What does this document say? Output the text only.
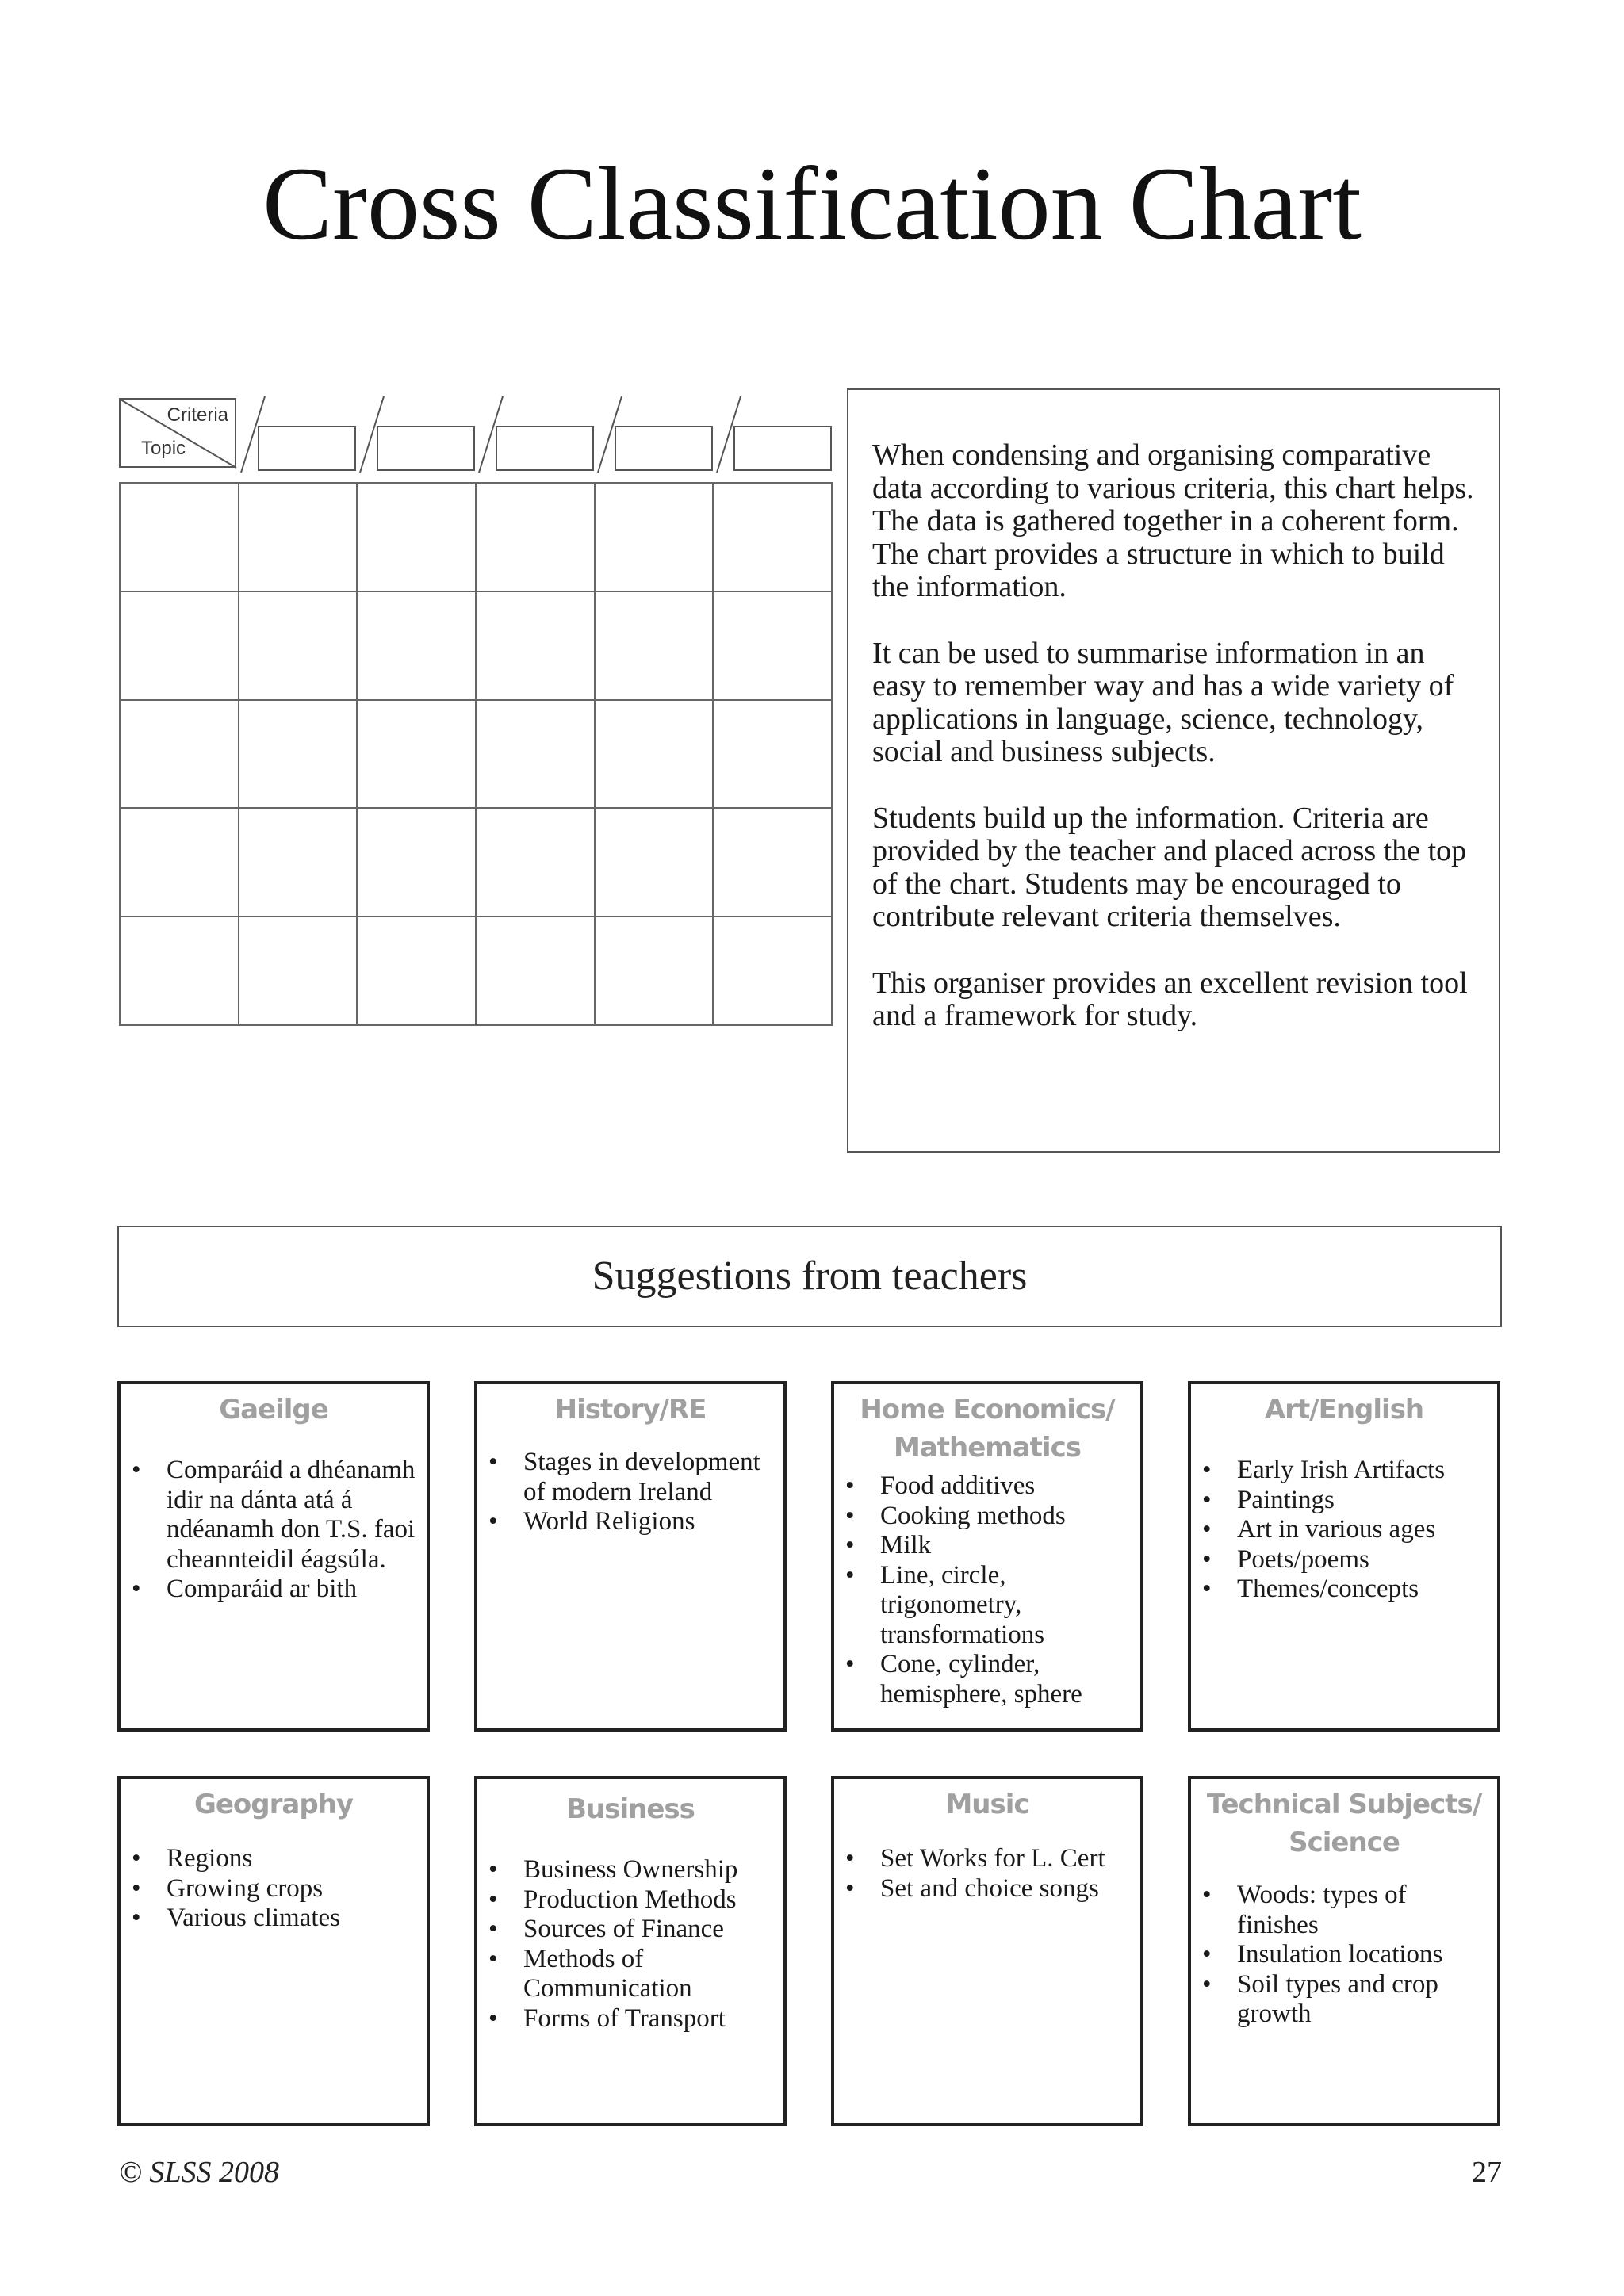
Cross Classification Chart
Criteria
Topic

						When condensing and organising comparative data according to various criteria, this chart helps. The data is gathered together in a coherent form. The chart provides a structure in which to build the information.

It can be used to summarise information in an easy to remember way and has a wide variety of applications in language, science, technology, social and business subjects.

Students build up the information. Criteria are provided by the teacher and placed across the top of the chart. Students may be encouraged to contribute relevant criteria themselves.

This organiser provides an excellent revision tool and a framework for study.

Suggestions from teachers
Gaeilge
• Comparáid a dhéanamh idir na dánta atá á ndéanamh don T.S. faoi cheannteidil éagsúla.
• Comparáid ar bith
History/RE
• Stages in development of modern Ireland
• World Religions
Home Economics/ Mathematics
• Food additives
• Cooking methods
• Milk
• Line, circle, trigonometry, transformations
• Cone, cylinder, hemisphere, sphere
Art/English
• Early Irish Artifacts
• Paintings
• Art in various ages
• Poets/poems
• Themes/concepts
Geography
• Regions
• Growing crops
• Various climates
Business
• Business Ownership
• Production Methods
• Sources of Finance
• Methods of Communication
• Forms of Transport
Music
• Set Works for L. Cert
• Set and choice songs
Technical Subjects/ Science
• Woods: types of finishes
• Insulation locations
• Soil types and crop growth
© SLSS 2008	27
